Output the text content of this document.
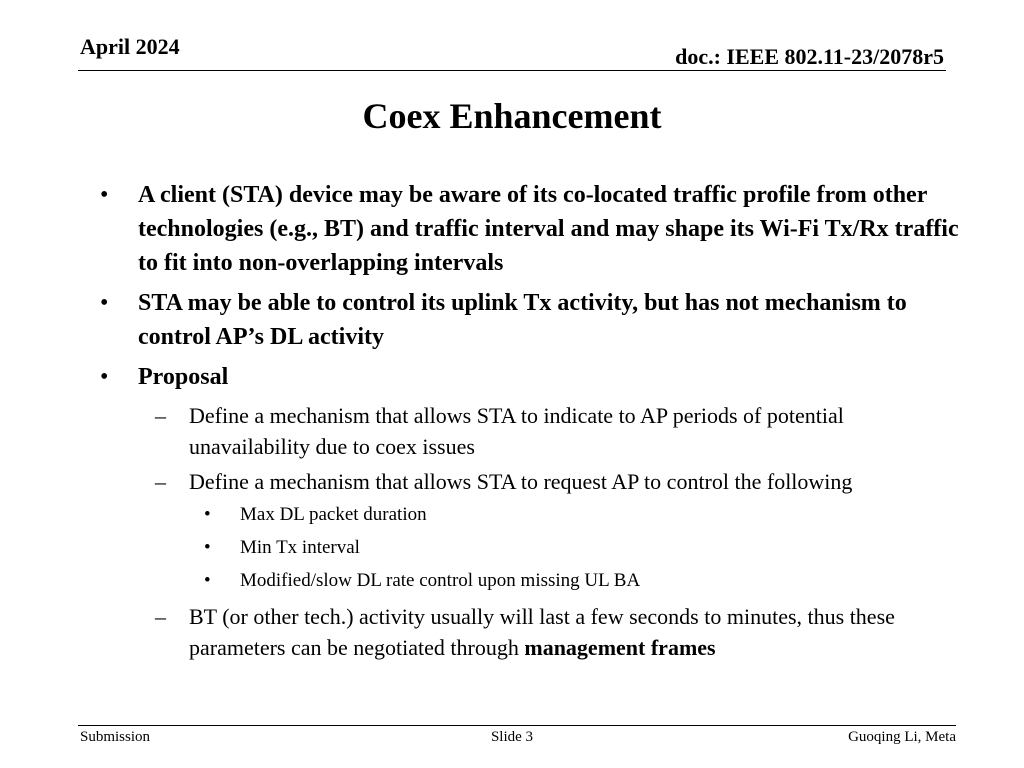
April 2024	doc.: IEEE 802.11-23/2078r5
Coex Enhancement
• A client (STA) device may be aware of its co-located traffic profile from other technologies (e.g., BT) and traffic interval and may shape its Wi-Fi Tx/Rx traffic to fit into non-overlapping intervals
• STA may be able to control its uplink Tx activity, but has not mechanism to control AP’s DL activity
• Proposal
– Define a mechanism that allows STA to indicate to AP periods of potential unavailability due to coex issues
– Define a mechanism that allows STA to request AP to control the following
• Max DL packet duration
• Min Tx interval
• Modified/slow DL rate control upon missing UL BA
– BT (or other tech.) activity usually will last a few seconds to minutes, thus these parameters can be negotiated through management frames
Submission	Slide 3	Guoqing Li, Meta
